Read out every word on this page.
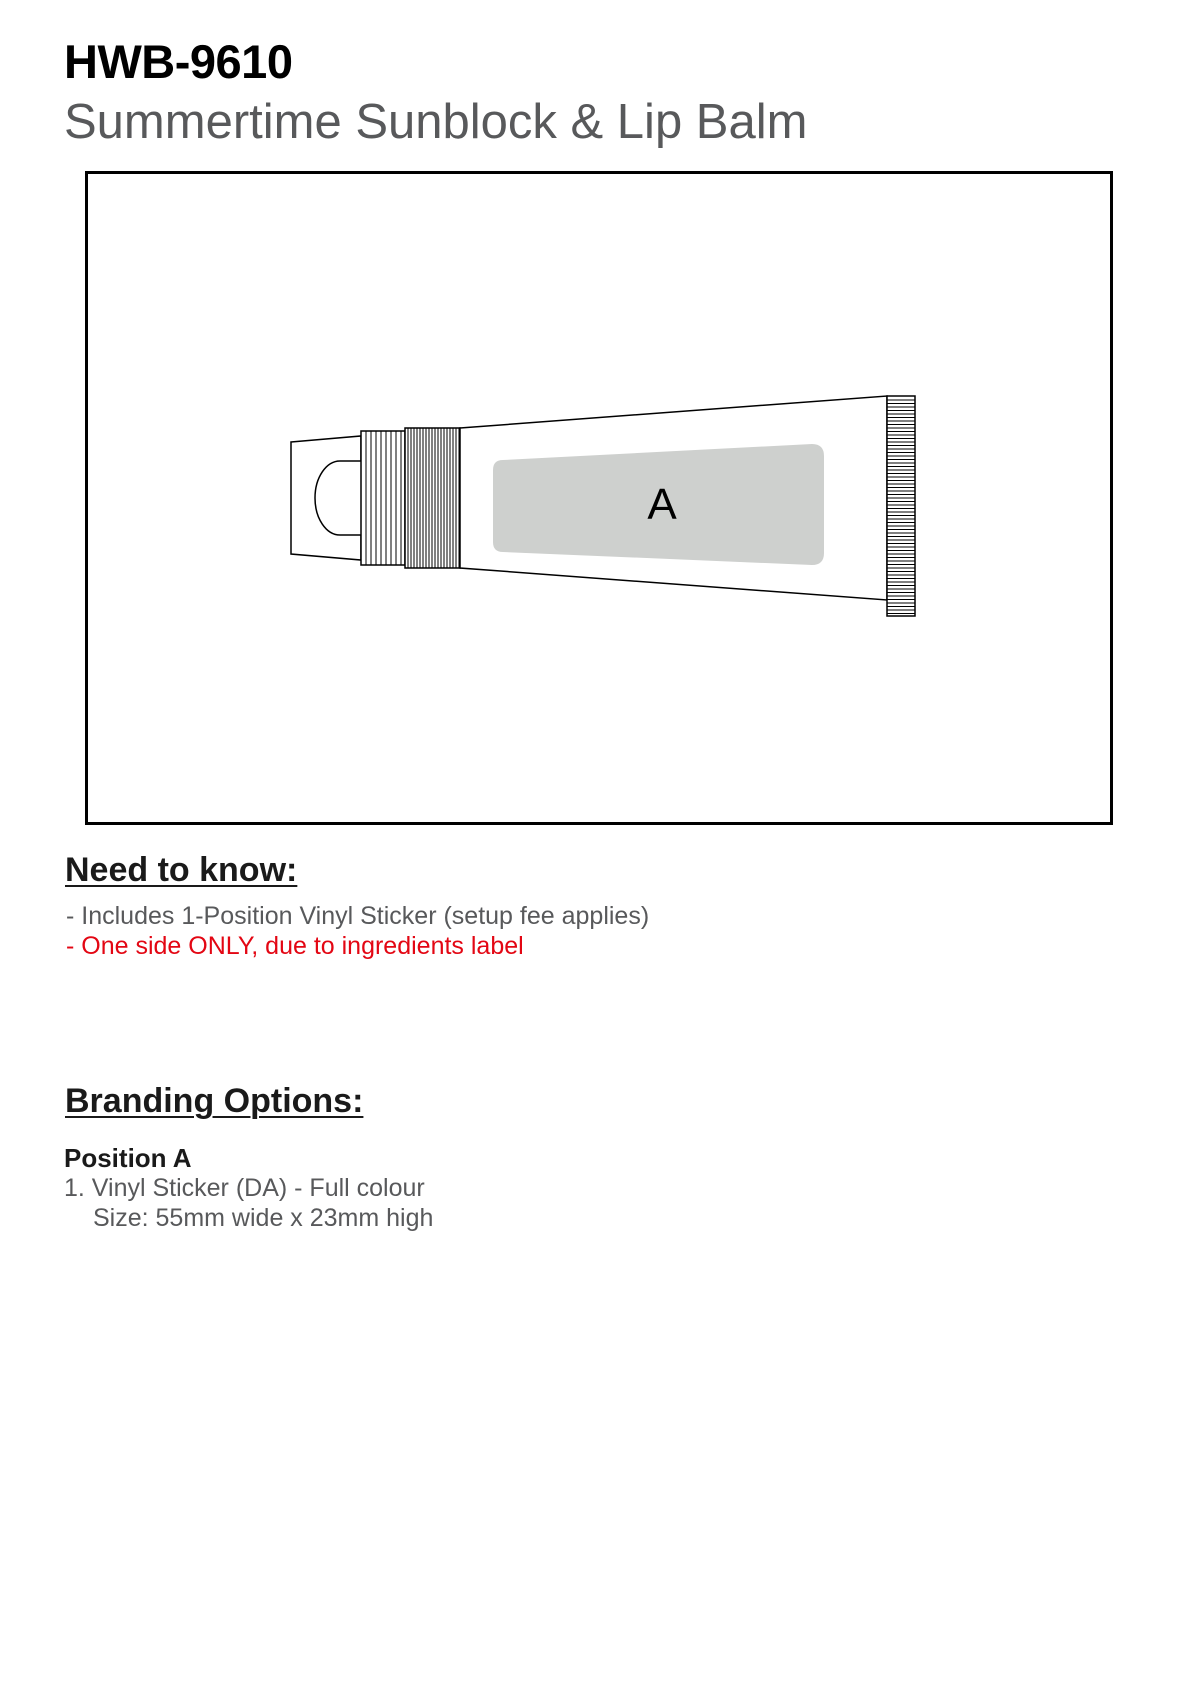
HWB-9610
Summertime Sunblock & Lip Balm
A
Need to know:
- Includes 1-Position Vinyl Sticker (setup fee applies)
- One side ONLY, due to ingredients label
Branding Options:
Position A
1. Vinyl Sticker (DA) - Full colour
Size: 55mm wide x 23mm high
